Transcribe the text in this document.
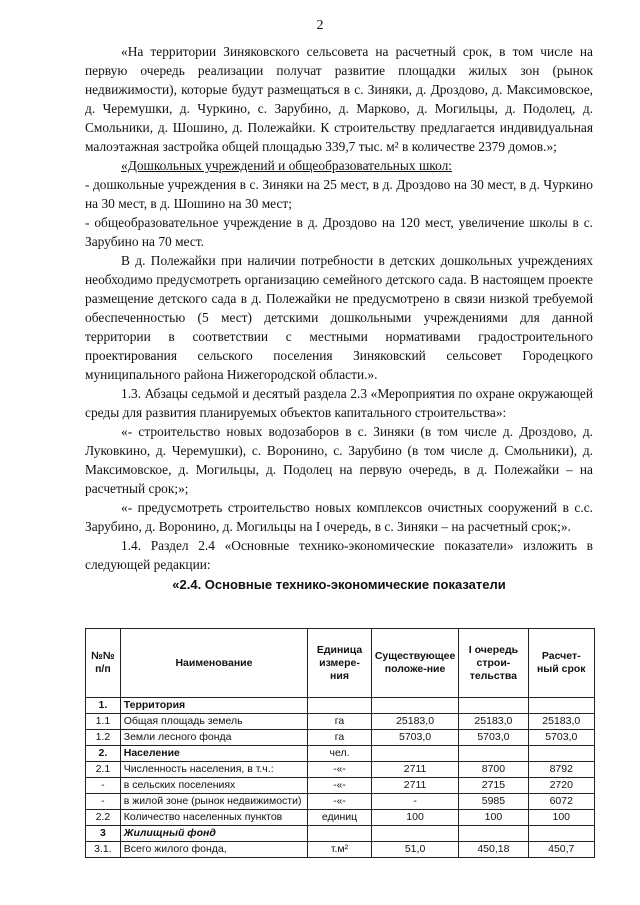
2

«На территории Зиняковского сельсовета на расчетный срок, в том числе на первую очередь реализации получат развитие площадки жилых зон (рынок недвижимости), которые будут размещаться в с. Зиняки, д. Дроздово, д. Максимовское, д. Черемушки, д. Чуркино, с. Зарубино, д. Марково, д. Могильцы, д. Подолец, д. Смольники, д. Шошино, д. Полежайки. К строительству предлагается индивидуальная малоэтажная застройка общей площадью 339,7 тыс. м² в количестве 2379 домов.»;

«Дошкольных учреждений и общеобразовательных школ:

- дошкольные учреждения в с. Зиняки на 25 мест, в д. Дроздово на 30 мест, в д. Чуркино на 30 мест, в д. Шошино на 30 мест;

- общеобразовательное учреждение в д. Дроздово на 120 мест, увеличение школы в с. Зарубино на 70 мест.

В д. Полежайки при наличии потребности в детских дошкольных учреждениях необходимо предусмотреть организацию семейного детского сада. В настоящем проекте размещение детского сада в д. Полежайки не предусмотрено в связи низкой требуемой обеспеченностью (5 мест) детскими дошкольными учреждениями для данной территории в соответствии с местными нормативами градостроительного проектирования сельского поселения Зиняковский сельсовет Городецкого муниципального района Нижегородской области.».

1.3. Абзацы седьмой и десятый раздела 2.3 «Мероприятия по охране окружающей среды для развития планируемых объектов капитального строительства»:

«- строительство новых водозаборов в с. Зиняки (в том числе д. Дроздово, д. Луковкино, д. Черемушки), с. Воронино, с. Зарубино (в том числе д. Смольники), д. Максимовское, д. Могильцы, д. Подолец на первую очередь, в д. Полежайки – на расчетный срок;»;

«- предусмотреть строительство новых комплексов очистных сооружений в с.с. Зарубино, д. Воронино, д. Могильцы на I очередь, в с. Зиняки – на расчетный срок;».

1.4. Раздел 2.4 «Основные технико-экономические показатели» изложить в следующей редакции:

«2.4. Основные технико-экономические показатели
№№ п/п	Наименование	Единица измере-ния	Существующее положе-ние	I очередь строи-тельства	Расчет-ный срок
1.	Территория				
1.1	Общая площадь земель	га	25183,0	25183,0	25183,0
1.2	Земли лесного фонда	га	5703,0	5703,0	5703,0
2.	Население	чел.			
2.1	Численность населения, в т.ч.:	-«-	2711	8700	8792
-	в сельских поселениях	-«-	2711	2715	2720
-	в жилой зоне (рынок недвижимости)	-«-	-	5985	6072
2.2	Количество населенных пунктов	единиц	100	100	100
3	Жилищный фонд				
3.1.	Всего жилого фонда,	т.м²	51,0	450,18	450,7
